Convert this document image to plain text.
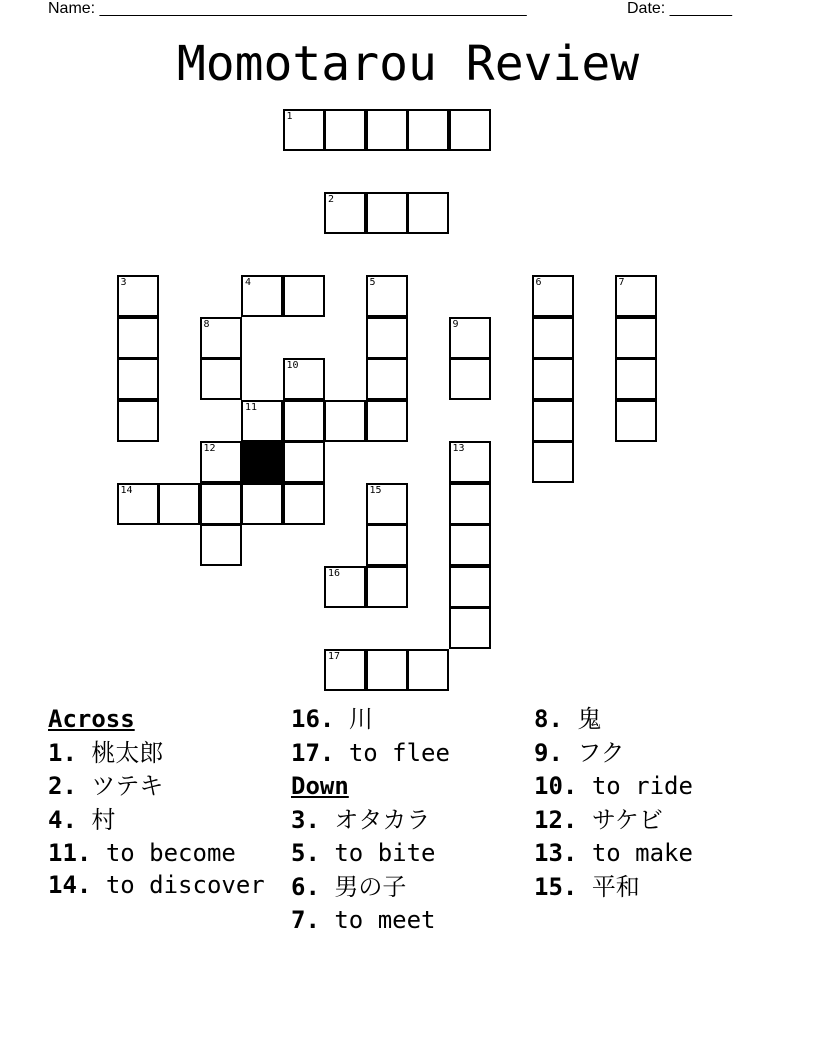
Name: ________________________________________________	Date: _______
Momotarou Review
1
2
3	4	5	6	7
8	9
10
11
12	13
14	15
16
17
Across
1. 桃太郎
2. ツテキ
4. 村
11. to become
14. to discover
16. 川
17. to flee
Down
3. オタカラ
5. to bite
6. 男の子
7. to meet
8. 鬼
9. フク
10. to ride
12. サケビ
13. to make
15. 平和
